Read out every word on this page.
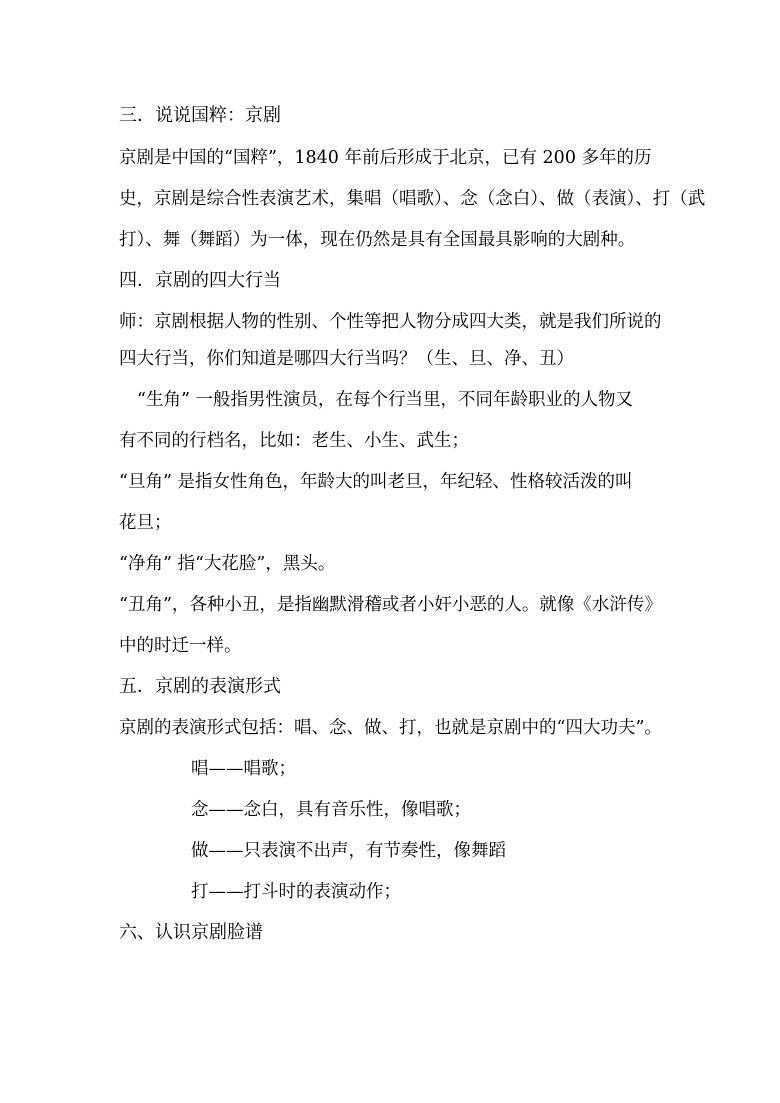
三．说说国粹：京剧
京剧是中国的“国粹”，1840 年前后形成于北京，已有 200 多年的历
史，京剧是综合性表演艺术，集唱（唱歌）、念（念白）、做（表演）、打（武
打）、舞（舞蹈）为一体，现在仍然是具有全国最具影响的大剧种。
四．京剧的四大行当
师：京剧根据人物的性别、个性等把人物分成四大类，就是我们所说的
四大行当，你们知道是哪四大行当吗？（生、旦、净、丑）
“生角” 一般指男性演员，在每个行当里，不同年龄职业的人物又
有不同的行档名，比如：老生、小生、武生；
“旦角” 是指女性角色，年龄大的叫老旦，年纪轻、性格较活泼的叫
花旦；
“净角” 指“大花脸”，黑头。
“丑角”，各种小丑，是指幽默滑稽或者小奸小恶的人。就像《水浒传》
中的时迁一样。
五．京剧的表演形式
京剧的表演形式包括：唱、念、做、打，也就是京剧中的“四大功夫”。
唱——唱歌；
念——念白，具有音乐性，像唱歌；
做——只表演不出声，有节奏性，像舞蹈
打——打斗时的表演动作；
六、认识京剧脸谱
